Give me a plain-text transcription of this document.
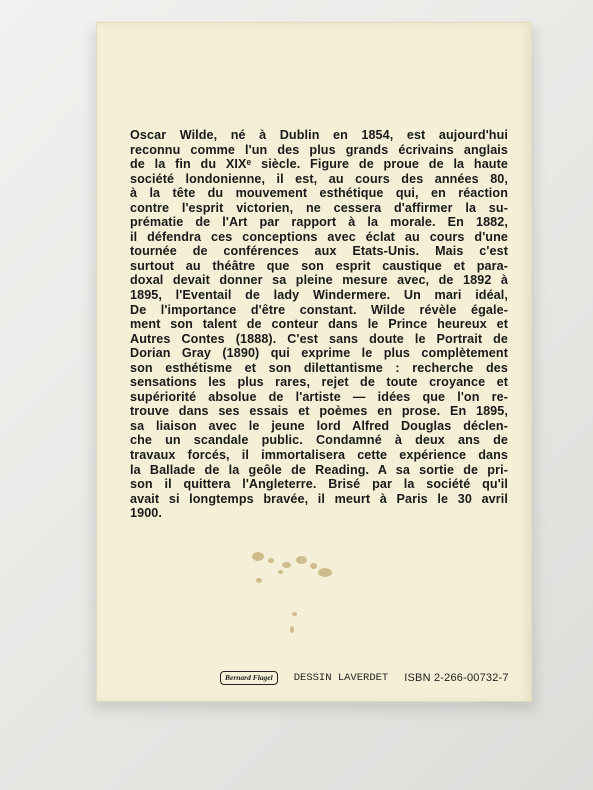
Oscar Wilde, né à Dublin en 1854, est aujourd'hui
reconnu comme l'un des plus grands écrivains anglais
de la fin du XIXᵉ siècle. Figure de proue de la haute
société londonienne, il est, au cours des années 80,
à la tête du mouvement esthétique qui, en réaction
contre l'esprit victorien, ne cessera d'affirmer la su-
prématie de l'Art par rapport à la morale. En 1882,
il défendra ces conceptions avec éclat au cours d'une
tournée de conférences aux Etats-Unis. Mais c'est
surtout au théâtre que son esprit caustique et para-
doxal devait donner sa pleine mesure avec, de 1892 à
1895, l'Eventail de lady Windermere. Un mari idéal,
De l'importance d'être constant. Wilde révèle égale-
ment son talent de conteur dans le Prince heureux et
Autres Contes (1888). C'est sans doute le Portrait de
Dorian Gray (1890) qui exprime le plus complètement
son esthétisme et son dilettantisme : recherche des
sensations les plus rares, rejet de toute croyance et
supériorité absolue de l'artiste — idées que l'on re-
trouve dans ses essais et poèmes en prose. En 1895,
sa liaison avec le jeune lord Alfred Douglas déclen-
che un scandale public. Condamné à deux ans de
travaux forcés, il immortalisera cette expérience dans
la Ballade de la geôle de Reading. A sa sortie de pri-
son il quittera l'Angleterre. Brisé par la société qu'il
avait si longtemps bravée, il meurt à Paris le 30 avril
1900.
Bernard Flagel	DESSIN LAVERDET ISBN 2-266-00732-7
